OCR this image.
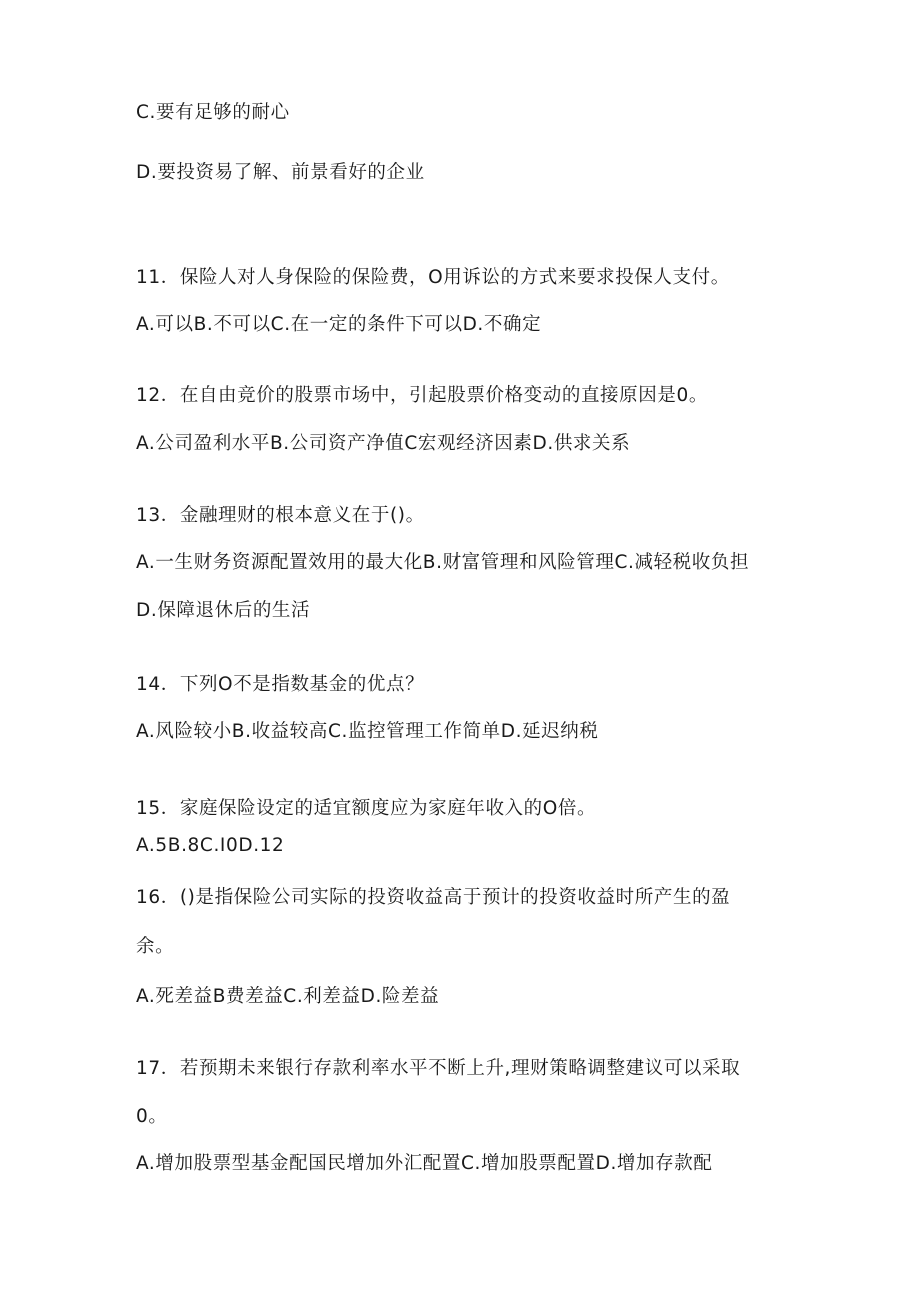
C.要有足够的耐心
D.要投资易了解、前景看好的企业
11．保险人对人身保险的保险费，O用诉讼的方式来要求投保人支付。
A.可以B.不可以C.在一定的条件下可以D.不确定
12．在自由竞价的股票市场中，引起股票价格变动的直接原因是0。
A.公司盈利水平B.公司资产净值C宏观经济因素D.供求关系
13．金融理财的根本意义在于()。
A.一生财务资源配置效用的最大化B.财富管理和风险管理C.减轻税收负担
D.保障退休后的生活
14．下列O不是指数基金的优点？
A.风险较小B.收益较高C.监控管理工作简单D.延迟纳税
15．家庭保险设定的适宜额度应为家庭年收入的O倍。
A.5B.8C.I0D.12
16．()是指保险公司实际的投资收益高于预计的投资收益时所产生的盈
余。
A.死差益B费差益C.利差益D.险差益
17．若预期未来银行存款利率水平不断上升,理财策略调整建议可以采取
0。
A.增加股票型基金配国民增加外汇配置C.增加股票配置D.增加存款配
